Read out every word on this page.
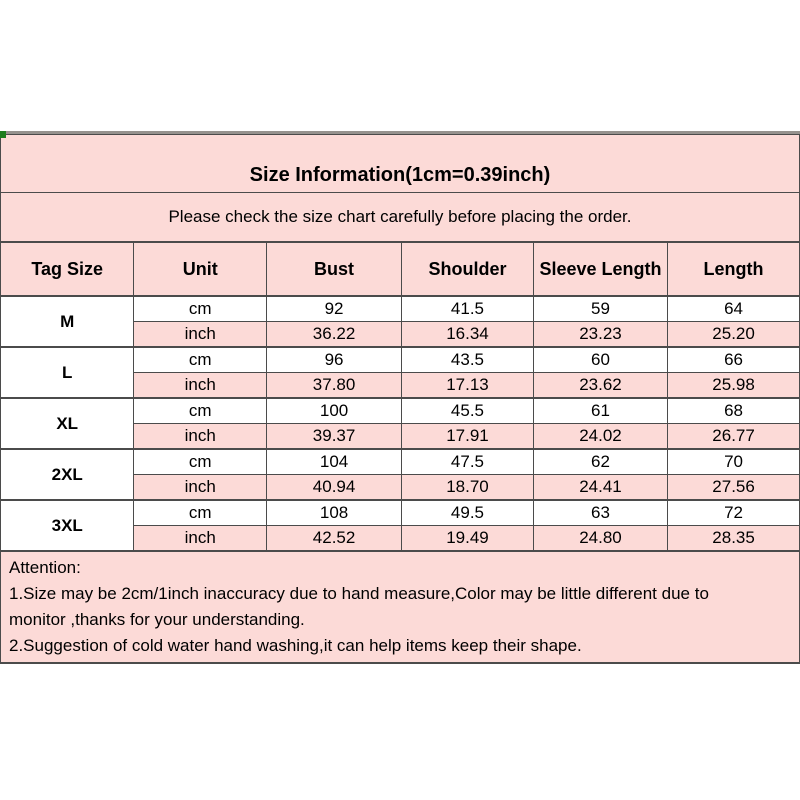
Size Information(1cm=0.39inch)					
Please check the size chart carefully before placing the order.					
Tag Size	Unit	Bust	Shoulder	Sleeve Length	Length
M	cm	92	41.5	59	64
	inch	36.22	16.34	23.23	25.20
L	cm	96	43.5	60	66
	inch	37.80	17.13	23.62	25.98
XL	cm	100	45.5	61	68
	inch	39.37	17.91	24.02	26.77
2XL	cm	104	47.5	62	70
	inch	40.94	18.70	24.41	27.56
3XL	cm	108	49.5	63	72
	inch	42.52	19.49	24.80	28.35

Attention:
1.Size may be 2cm/1inch inaccuracy due to hand measure,Color may be little different due to
monitor ,thanks for your understanding.
2.Suggestion of cold water hand washing,it can help items keep their shape.					
